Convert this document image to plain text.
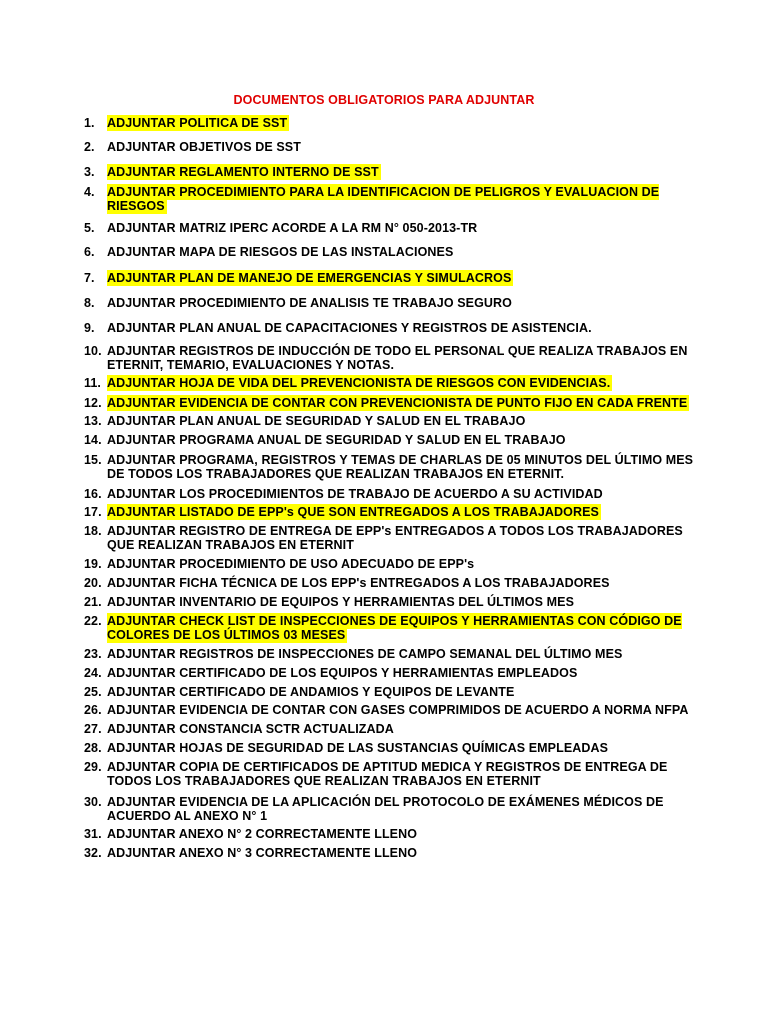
DOCUMENTOS OBLIGATORIOS PARA ADJUNTAR
1. ADJUNTAR POLITICA DE SST
2. ADJUNTAR OBJETIVOS DE SST
3. ADJUNTAR REGLAMENTO INTERNO DE SST
4. ADJUNTAR PROCEDIMIENTO PARA LA IDENTIFICACION DE PELIGROS Y EVALUACION DE
RIESGOS
5. ADJUNTAR MATRIZ IPERC ACORDE A LA RM N° 050-2013-TR
6. ADJUNTAR MAPA DE RIESGOS DE LAS INSTALACIONES
7. ADJUNTAR PLAN DE MANEJO DE EMERGENCIAS Y SIMULACROS
8. ADJUNTAR PROCEDIMIENTO DE ANALISIS TE TRABAJO SEGURO
9. ADJUNTAR PLAN ANUAL DE CAPACITACIONES Y REGISTROS DE ASISTENCIA.
10. ADJUNTAR REGISTROS DE INDUCCIÓN DE TODO EL PERSONAL QUE REALIZA TRABAJOS EN
ETERNIT, TEMARIO, EVALUACIONES Y NOTAS.
11. ADJUNTAR HOJA DE VIDA DEL PREVENCIONISTA DE RIESGOS CON EVIDENCIAS.
12. ADJUNTAR EVIDENCIA DE CONTAR CON PREVENCIONISTA DE PUNTO FIJO EN CADA FRENTE
13. ADJUNTAR PLAN ANUAL DE SEGURIDAD Y SALUD EN EL TRABAJO
14. ADJUNTAR PROGRAMA ANUAL DE SEGURIDAD Y SALUD EN EL TRABAJO
15. ADJUNTAR PROGRAMA, REGISTROS Y TEMAS DE CHARLAS DE 05 MINUTOS DEL ÚLTIMO MES
DE TODOS LOS TRABAJADORES QUE REALIZAN TRABAJOS EN ETERNIT.
16. ADJUNTAR LOS PROCEDIMIENTOS DE TRABAJO DE ACUERDO A SU ACTIVIDAD
17. ADJUNTAR LISTADO DE EPP's QUE SON ENTREGADOS A LOS TRABAJADORES
18. ADJUNTAR REGISTRO DE ENTREGA DE EPP's ENTREGADOS A TODOS LOS TRABAJADORES
QUE REALIZAN TRABAJOS EN ETERNIT
19. ADJUNTAR PROCEDIMIENTO DE USO ADECUADO DE EPP's
20. ADJUNTAR FICHA TÉCNICA DE LOS EPP's ENTREGADOS A LOS TRABAJADORES
21. ADJUNTAR INVENTARIO DE EQUIPOS Y HERRAMIENTAS DEL ÚLTIMOS MES
22. ADJUNTAR CHECK LIST DE INSPECCIONES DE EQUIPOS Y HERRAMIENTAS CON CÓDIGO DE
COLORES DE LOS ÚLTIMOS 03 MESES
23. ADJUNTAR REGISTROS DE INSPECCIONES DE CAMPO SEMANAL DEL ÚLTIMO MES
24. ADJUNTAR CERTIFICADO DE LOS EQUIPOS Y HERRAMIENTAS EMPLEADOS
25. ADJUNTAR CERTIFICADO DE ANDAMIOS Y EQUIPOS DE LEVANTE
26. ADJUNTAR EVIDENCIA DE CONTAR CON GASES COMPRIMIDOS DE ACUERDO A NORMA NFPA
27. ADJUNTAR CONSTANCIA SCTR ACTUALIZADA
28. ADJUNTAR HOJAS DE SEGURIDAD DE LAS SUSTANCIAS QUÍMICAS EMPLEADAS
29. ADJUNTAR COPIA DE CERTIFICADOS DE APTITUD MEDICA Y REGISTROS DE ENTREGA DE
TODOS LOS TRABAJADORES QUE REALIZAN TRABAJOS EN ETERNIT
30. ADJUNTAR EVIDENCIA DE LA APLICACIÓN DEL PROTOCOLO DE EXÁMENES MÉDICOS DE
ACUERDO AL ANEXO N° 1
31. ADJUNTAR ANEXO N° 2 CORRECTAMENTE LLENO
32. ADJUNTAR ANEXO N° 3 CORRECTAMENTE LLENO
